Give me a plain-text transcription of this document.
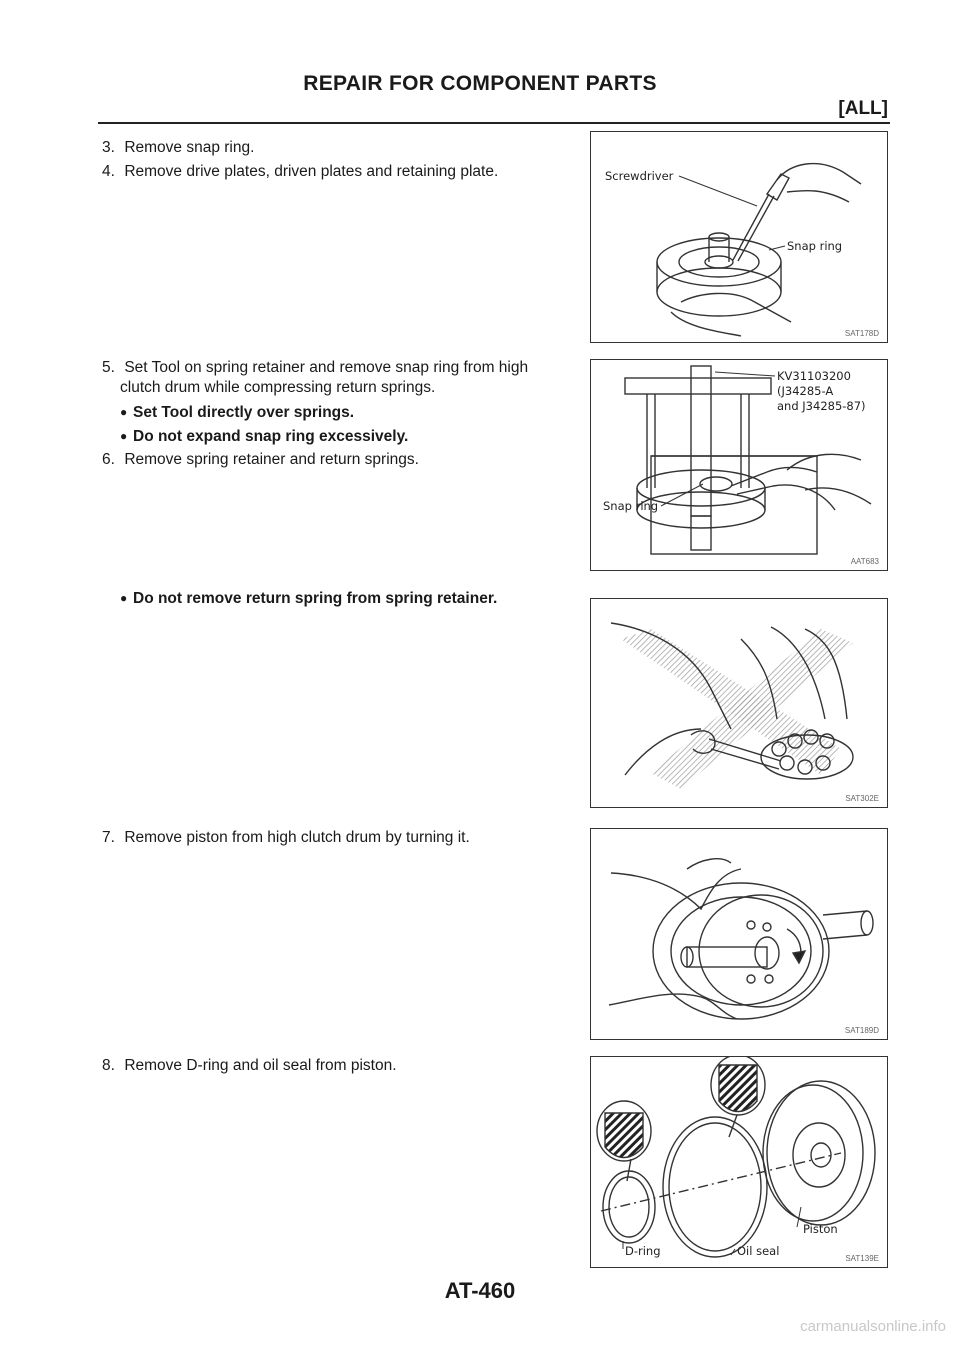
REPAIR FOR COMPONENT PARTS
[ALL]

3. Remove snap ring.

4. Remove drive plates, driven plates and retaining plate.	Screwdriver
Snap ring
SAT178D

5. Set Tool on spring retainer and remove snap ring from high
clutch drum while compressing return springs.

● Set Tool directly over springs.
● Do not expand snap ring excessively.

6. Remove spring retainer and return springs.

KV31103200
(J34285-A
and J34285-87)
Snap ring
AAT683
● Do not remove return spring from spring retainer.
SAT302E

7. Remove piston from high clutch drum by turning it.

SAT189D

8. Remove D-ring and oil seal from piston.

Piston
D-ring	Oil seal
SAT139E
AT-460
carmanualsonline.info
